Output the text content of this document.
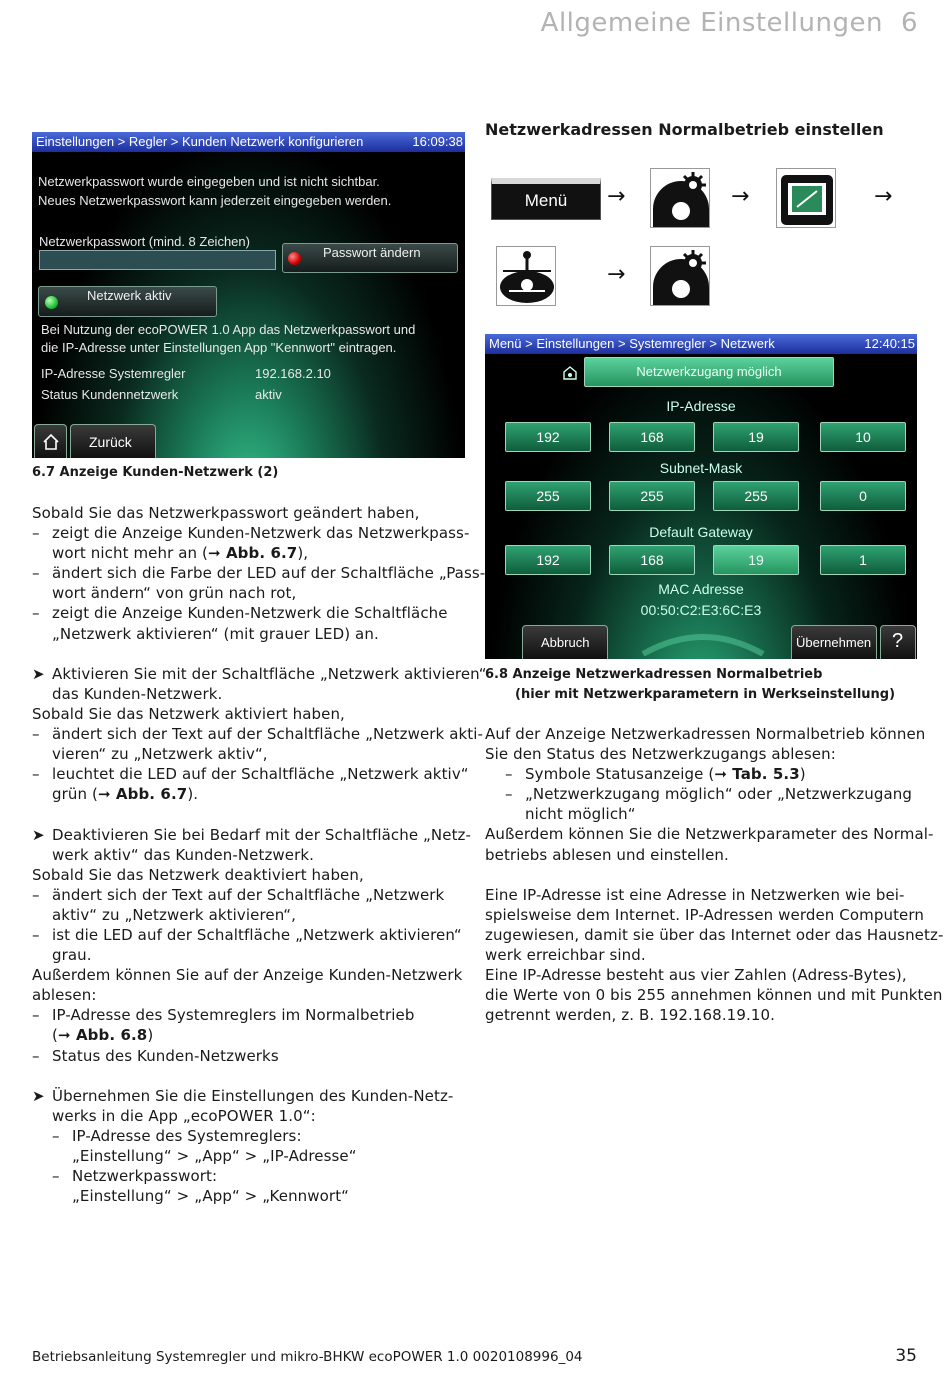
Allgemeine Einstellungen 6
Einstellungen > Regler > Kunden Netzwerk konfigurieren	16:09:38
Netzwerkpasswort wurde eingegeben und ist nicht sichtbar.
Neues Netzwerkpasswort kann jederzeit eingegeben werden.
Netzwerkpasswort (mind. 8 Zeichen)
Passwort ändern
Netzwerk aktiv
Bei Nutzung der ecoPOWER 1.0 App das Netzwerkpasswort und
die IP-Adresse unter Einstellungen App "Kennwort" eintragen.
IP-Adresse Systemregler	192.168.2.10
Status Kundennetzwerk	aktiv
Zurück
6.7 Anzeige Kunden-Netzwerk (2)
Sobald Sie das Netzwerkpasswort geändert haben,
– zeigt die Anzeige Kunden-Netzwerk das Netzwerkpass-
wort nicht mehr an (➞ Abb. 6.7),
– ändert sich die Farbe der LED auf der Schaltfläche „Pass-
wort ändern“ von grün nach rot,
– zeigt die Anzeige Kunden-Netzwerk die Schaltfläche
„Netzwerk aktivieren“ (mit grauer LED) an.
➤ Aktivieren Sie mit der Schaltfläche „Netzwerk aktivieren“
das Kunden-Netzwerk.
Sobald Sie das Netzwerk aktiviert haben,
– ändert sich der Text auf der Schaltfläche „Netzwerk akti-
vieren“ zu „Netzwerk aktiv“,
– leuchtet die LED auf der Schaltfläche „Netzwerk aktiv“
grün (➞ Abb. 6.7).
➤ Deaktivieren Sie bei Bedarf mit der Schaltfläche „Netz-
werk aktiv“ das Kunden-Netzwerk.
Sobald Sie das Netzwerk deaktiviert haben,
– ändert sich der Text auf der Schaltfläche „Netzwerk
aktiv“ zu „Netzwerk aktivieren“,
– ist die LED auf der Schaltfläche „Netzwerk aktivieren“
grau.
Außerdem können Sie auf der Anzeige Kunden-Netzwerk
ablesen:
– IP-Adresse des Systemreglers im Normalbetrieb
(➞ Abb. 6.8)
– Status des Kunden-Netzwerks
➤ Übernehmen Sie die Einstellungen des Kunden-Netz-
werks in die App „ecoPOWER 1.0“:
– IP-Adresse des Systemreglers:
„Einstellung“ > „App“ > „IP-Adresse“
– Netzwerkpasswort:
„Einstellung“ > „App“ > „Kennwort“
Netzwerkadressen Normalbetrieb einstellen
Menü	→	→	→
→
Menü > Einstellungen > Systemregler > Netzwerk	12:40:15
Netzwerkzugang möglich
IP-Adresse
192	168	19	10
Subnet-Mask
255	255	255	0
Default Gateway
192	168	19	1
MAC Adresse
00:50:C2:E3:6C:E3
Abbruch	Übernehmen ?
6.8 Anzeige Netzwerkadressen Normalbetrieb
(hier mit Netzwerkparametern in Werkseinstellung)
Auf der Anzeige Netzwerkadressen Normalbetrieb können
Sie den Status des Netzwerkzugangs ablesen:
– Symbole Statusanzeige (➞ Tab. 5.3)
– „Netzwerkzugang möglich“ oder „Netzwerkzugang
nicht möglich“
Außerdem können Sie die Netzwerkparameter des Normal-
betriebs ablesen und einstellen.
Eine IP-Adresse ist eine Adresse in Netzwerken wie bei-
spielsweise dem Internet. IP-Adressen werden Computern
zugewiesen, damit sie über das Internet oder das Hausnetz-
werk erreichbar sind.
Eine IP-Adresse besteht aus vier Zahlen (Adress-Bytes),
die Werte von 0 bis 255 annehmen können und mit Punkten
getrennt werden, z. B. 192.168.19.10.
Betriebsanleitung Systemregler und mikro-BHKW ecoPOWER 1.0 0020108996_04	35
